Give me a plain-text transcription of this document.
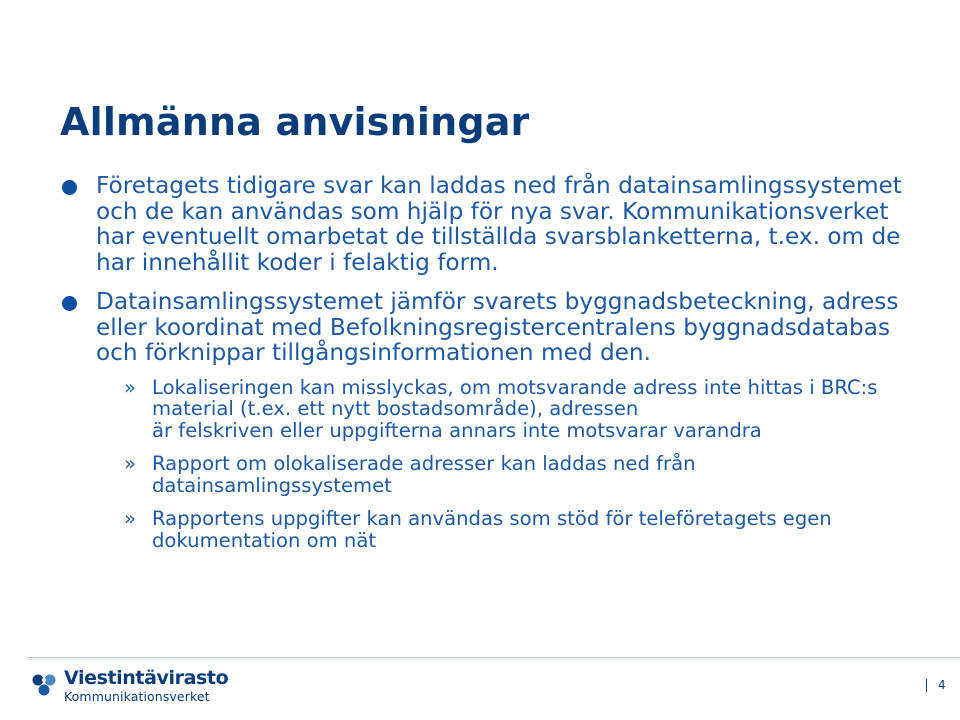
Allmänna anvisningar
Företagets tidigare svar kan laddas ned från datainsamlingssystemet och de kan användas som hjälp för nya svar. Kommunikationsverket har eventuellt omarbetat de tillställda svarsblanketterna, t.ex. om de har innehållit koder i felaktig form.
Datainsamlingssystemet jämför svarets byggnadsbeteckning, adress eller koordinat med Befolkningsregistercentralens byggnadsdatabas och förknippar tillgångsinformationen med den.
» Lokaliseringen kan misslyckas, om motsvarande adress inte hittas i BRC:s material (t.ex. ett nytt bostadsområde), adressen
är felskriven eller uppgifterna annars inte motsvarar varandra
» Rapport om olokaliserade adresser kan laddas ned från datainsamlingssystemet
» Rapportens uppgifter kan användas som stöd för teleföretagets egen dokumentation om nät
Viestintävirasto
Kommunikationsverket
4
